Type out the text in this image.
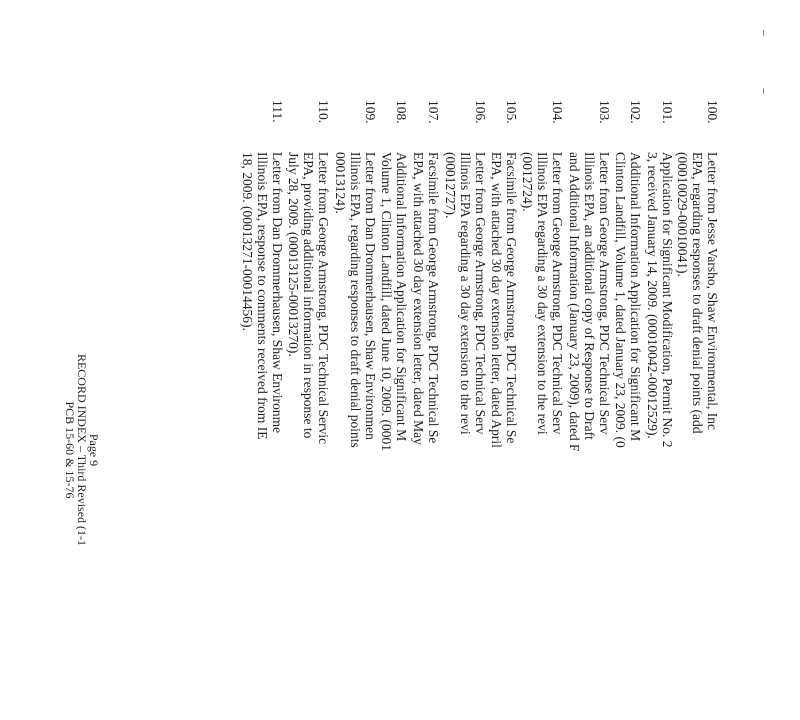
111.
Letter from Dan Drommerhausen, Shaw Environme
Illinois EPA, response to comments received from IE
18, 2009. (00013271-00014456).
110.
Letter from George Armstrong, PDC Technical Servic
EPA, providing additional information in response to
July 28, 2009. (00013125-00013270).
109.
Letter from Dan Drommerhausen, Shaw Environmen
Illinois EPA, regarding responses to draft denial points
00013124).
108.
Additional Information Application for Significant M
Volume 1, Clinton Landfill, dated June 10, 2009. (0001
107.
Facsimile from George Armstrong, PDC Technical Se
EPA, with attached 30 day extension letter, dated May
106.
Letter from George Armstrong, PDC Technical Serv
Illinois EPA regarding a 30 day extension to the revi
(00012727).
105.
Facsimile from George Armstrong, PDC Technical Se
EPA, with attached 30 day extension letter, dated April
104.
Letter from George Armstrong, PDC Technical Serv
Illinois EPA regarding a 30 day extension to the revi
(0012724).
103.
Letter from George Armstrong, PDC Technical Serv
Illinois EPA, an additional copy of Response to Draft
and Additional Information (January 23, 2009), dated F
102.
Additional Information Application for Significant M
Clinton Landfill, Volume 1, dated January 23, 2009. (0
101.
Application for Significant Modification, Permit No. 2
3, received January 14, 2009. (00010042-00012529).
100.
Letter from Jesse Varsho, Shaw Environmental, Inc
EPA, regarding responses to draft denial points (add
(00010029-00010041).
Page 9
RECORD INDEX – Third Revised (1-1
PCB 15-60 & 15-76
